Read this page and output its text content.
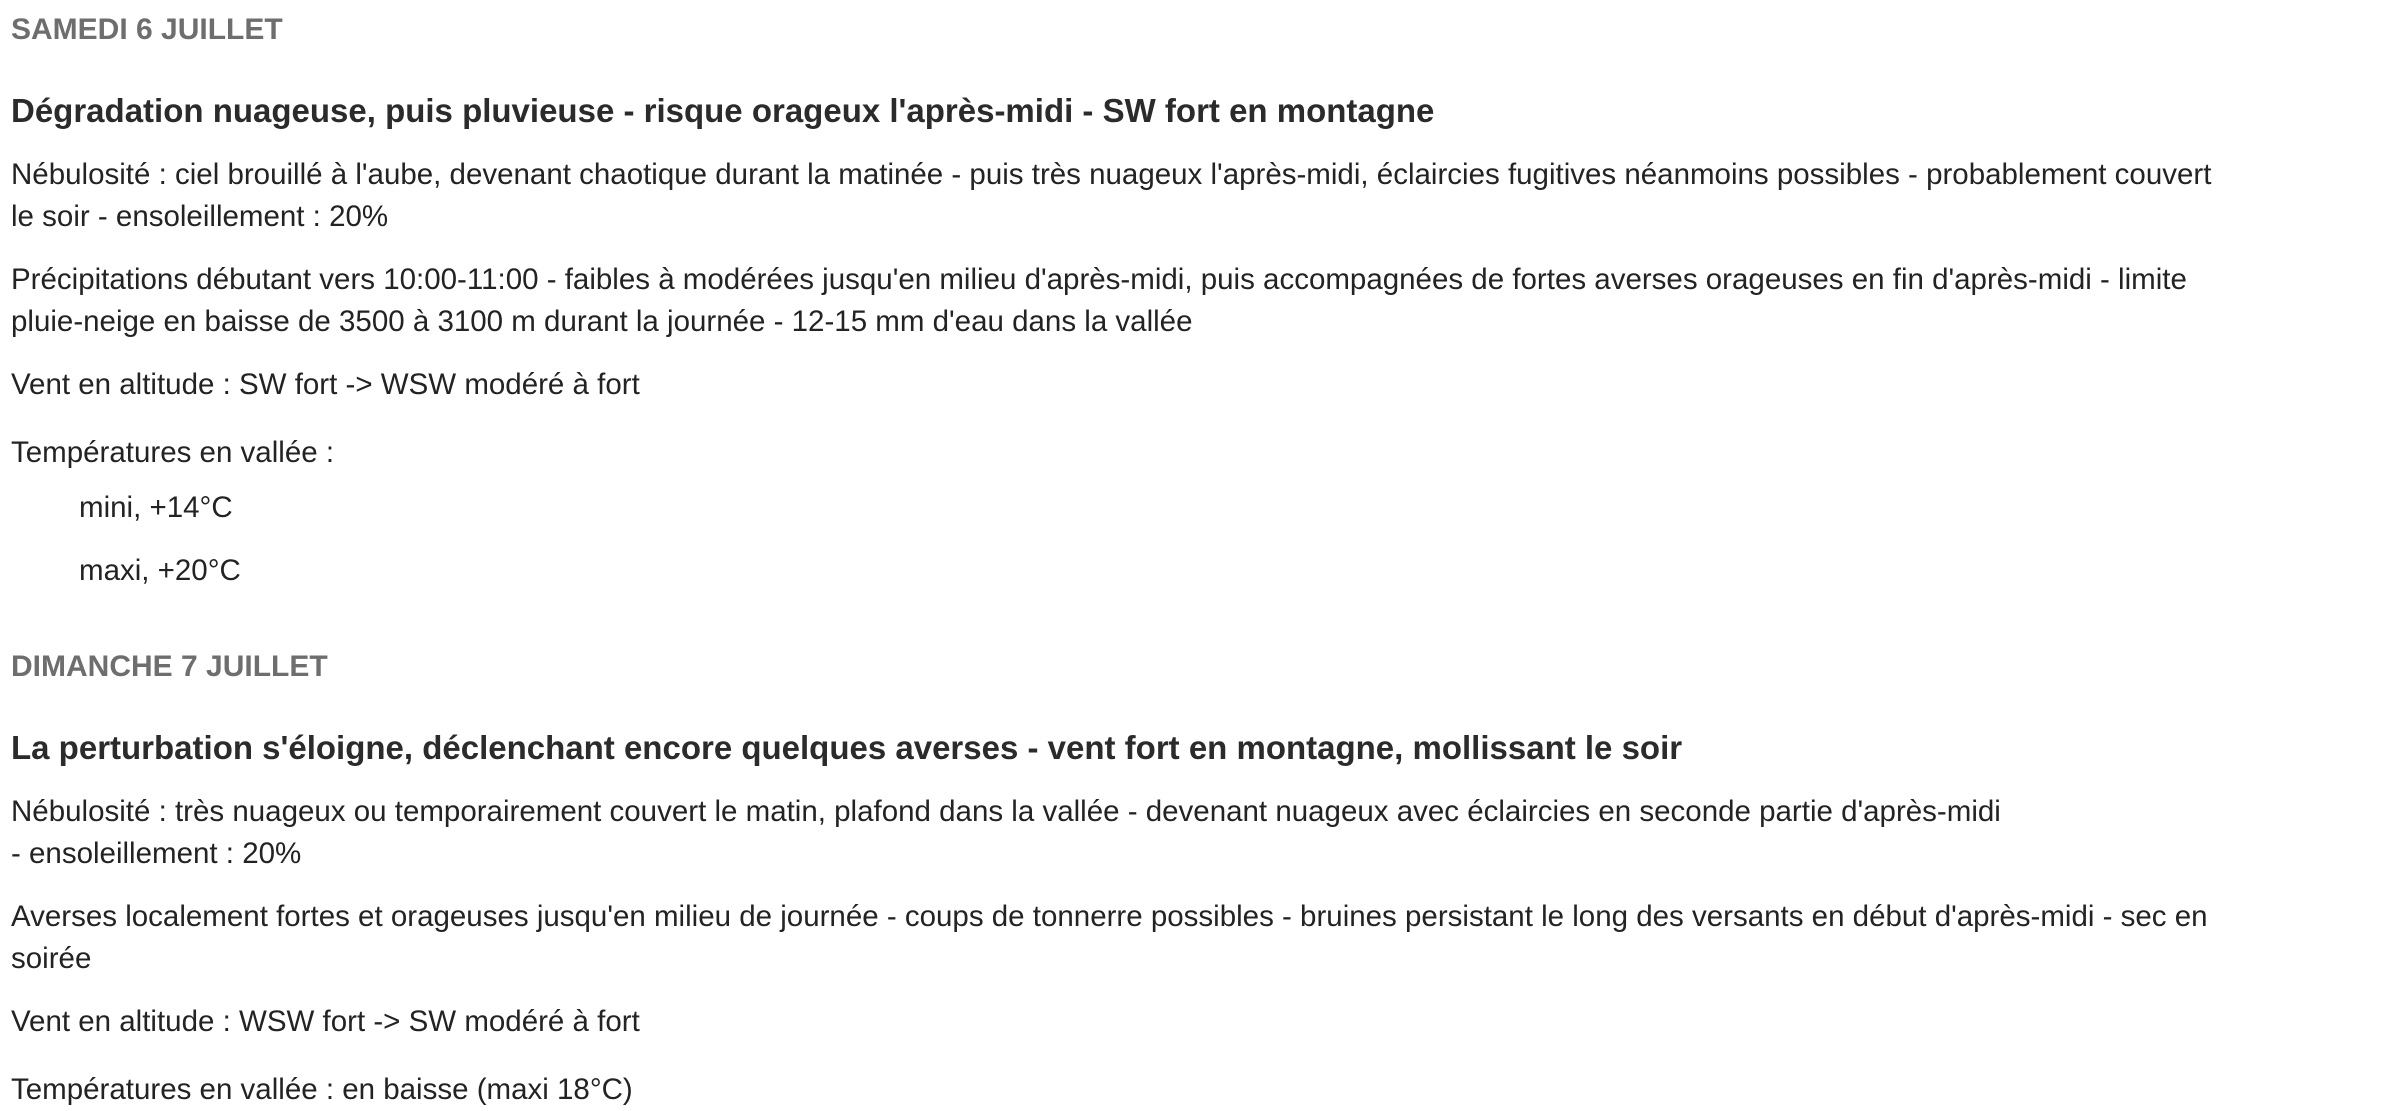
SAMEDI 6 JUILLET
Dégradation nuageuse, puis pluvieuse - risque orageux l'après-midi - SW fort en montagne
Nébulosité : ciel brouillé à l'aube, devenant chaotique durant la matinée - puis très nuageux l'après-midi, éclaircies fugitives néanmoins possibles - probablement couvert
le soir - ensoleillement : 20%
Précipitations débutant vers 10:00-11:00 - faibles à modérées jusqu'en milieu d'après-midi, puis accompagnées de fortes averses orageuses en fin d'après-midi - limite
pluie-neige en baisse de 3500 à 3100 m durant la journée - 12-15 mm d'eau dans la vallée
Vent en altitude : SW fort -> WSW modéré à fort
Températures en vallée :
mini, +14°C
maxi, +20°C
DIMANCHE 7 JUILLET
La perturbation s'éloigne, déclenchant encore quelques averses - vent fort en montagne, mollissant le soir
Nébulosité : très nuageux ou temporairement couvert le matin, plafond dans la vallée - devenant nuageux avec éclaircies en seconde partie d'après-midi
- ensoleillement : 20%
Averses localement fortes et orageuses jusqu'en milieu de journée - coups de tonnerre possibles - bruines persistant le long des versants en début d'après-midi - sec en
soirée
Vent en altitude : WSW fort -> SW modéré à fort
Températures en vallée : en baisse (maxi 18°C)
